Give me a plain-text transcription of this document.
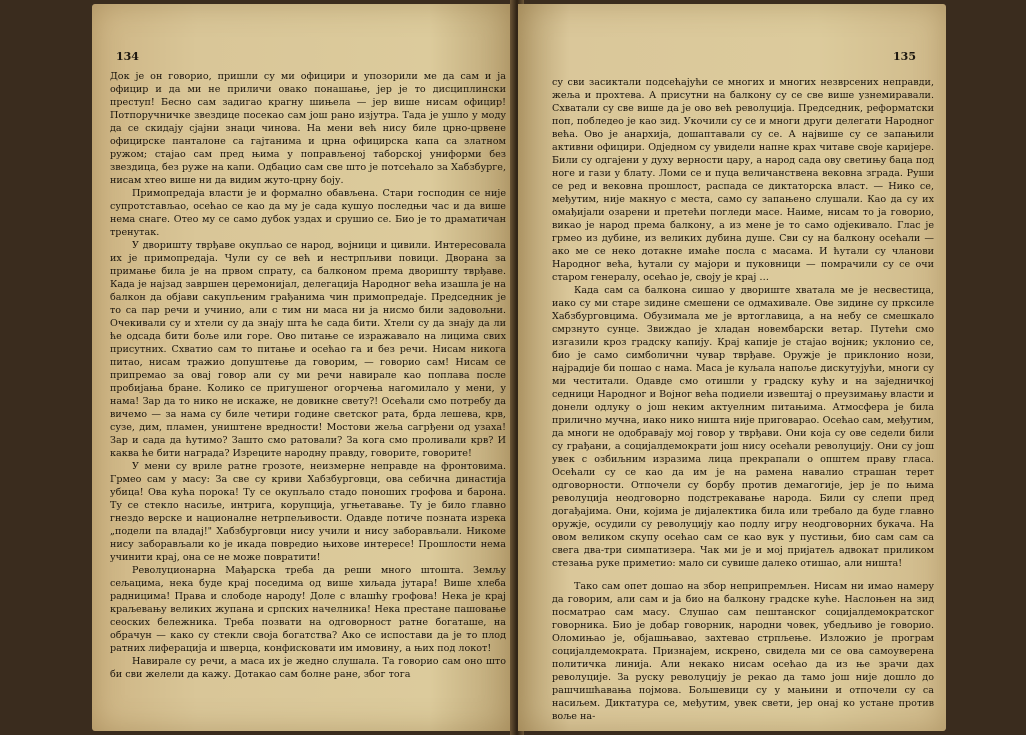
134

Док је он говорио, пришли су ми официри и упозорили ме да сам и ја официр и да ми не приличи овако понашање, јер је то дисциплински преступ! Бесно сам задигао крагну шињела — јер више нисам официр! Потпоручничке звездице посекао сам још рано изјутра. Тада је ушло у моду да се скидају сјајни знаци чинова. На мени већ нису биле црно-црвене официрске панталоне са гајтанима и црна официрска капа са златном ружом; стајао сам пред њима у поправљеној таборској униформи без звездица, без руже на капи. Одбацио сам све што је потсећало за Хабзбурге, нисам хтео више ни да видим жуто-црну боју.

Примопредаја власти је и формално обављена. Стари господин се није супротстављао, осећао се као да му је сада кушуо последњи час и да више нема снаге. Отео му се само дубок уздах и срушио се. Био је то драматичан тренутак.

У дворишту тврђаве окупљао се народ, војници и цивили. Интересовала их је примопредаја. Чули су се већ и нестрпљиви повици. Дворана за примање била је на првом спрату, са балконом према дворишту тврђаве. Када је најзад завршен церемонијал, делегација Народног већа изашла је на балкон да објави сакупљеним грађанима чин примопредаје. Председник је то са пар речи и учинио, али с тим ни маса ни ја нисмо били задовољни. Очекивали су и хтели су да знају шта ће сада бити. Хтели су да знају да ли ће одсада бити боље или горе. Ово питање се изражавало на лицима свих присутних. Схватио сам то питање и осећао га и без речи. Нисам никога питао, нисам тражио допуштење да говорим, — говорио сам! Нисам се припремао за овај говор али су ми речи навирале као поплава после пробијања бране. Колико се пригушеног огорчења нагомилало у мени, у нама! Зар да то нико не искаже, не довикне свету?! Осећали смо потребу да вичемо — за нама су биле четири године светског рата, брда лешева, крв, сузе, дим, пламен, уништене вредности! Мостови жеља сагрђени од узаха! Зар и сада да ћутимо? Зашто смо ратовали? За кога смо проливали крв? И каква ће бити награда? Изреците народну правду, говорите, говорите!

У мени су вриле ратне грозоте, неизмерне неправде на фронтовима. Грмео сам у масу: За све су криви Хабзбурговци, ова себична династија убица! Ова кућа порока! Ту се окупљало стадо поноших грофова и барона. Ту се стекло насиље, интрига, корупција, угњетавање. Ту је било главно гнездо верске и националне нетрпељивости. Одавде потиче позната изрека „подели па владај!" Хабзбурговци нису учили и нису заборављали. Никоме нису заборављали ко је икада повредио њихове интересе! Прошлости нема учинити крај, она се не може повратити!

Револуционарна Мађарска треба да реши много штошта. Земљу сељацима, нека буде крај поседима од више хиљада јутара! Више хлеба радницима! Права и слободе народу! Доле с влашћу грофова! Нека је крај краљевању великих жупана и српских начелника! Нека престане пашовање сеоских бележника. Треба позвати на одговорност ратне богаташе, на обрачун — како су стекли своја богатства? Ако се испостави да је то плод ратних лиферација и шверца, конфисковати им имовину, а њих под локот!

Навирале су речи, а маса их је жедно слушала. Та говорио сам оно што би сви желели да кажу. Дотакао сам болне ране, због тога

135

су сви засиктали подсећајући се многих и многих незврсених неправди, жеља и прохтева. А присутни на балкону су се све више узнемиравали. Схватали су све више да је ово већ револуција. Председник, реформатски поп, побледео је као зид. Укочили су се и многи други делегати Народног већа. Ово је анархија, дошаптавали су се. А највише су се запањили активни официри. Одједном су увидели напне крах читаве своје каријере. Били су одгајени у духу верности цару, а народ сада ову светињу баца под ноге и гази у блату. Ломи се и пуца величанствена вековна зграда. Руши се ред и вековна прошлост, распада се диктаторска власт. — Нико се, међутим, није макнуо с места, само су запањено слушали. Као да су их омађијали озарени и претећи погледи масе. Наиме, нисам то ја говорио, викао је народ према балкону, а из мене је то само одјекивало. Глас је грмео из дубине, из великих дубина душе. Сви су на балкону осећали — ако ме се неко дотакне имаће посла с масама. И ћутали су чланови Народног већа, ћутали су мајори и пуковници — помрачили су се очи старом генералу, осећао је, своју је крај …

Када сам са балкона сишао у двориште хватала ме је несвестица, иако су ми старе зидине смешени се одмахивале. Ове зидине су прксиле Хабзбурговцима. Обузимала ме је вртоглавица, а на небу се смешкало смрзнуто сунце. Звиждао је хладан новембарски ветар. Путећи смо изгазили кроз градску капију. Крај капије је стајао војник; уклонио се, био је само симболични чувар тврђаве. Оружје је приклонио нози, најрадије би пошао с нама. Маса је куљала напоље дискутујући, многи су ми честитали. Одавде смо отишли у градску кућу и на заједничкој седници Народног и Војног већа подиели извештај о преузимању власти и донели одлуку о још неким актуелним питањима. Атмосфера је била прилично мучна, иако нико ништа није приговарао. Осећао сам, међутим, да многи не одобравају мој говор у тврђави. Они која су ове седели били су грађани, а социјалдемократи још нису осећали револуцију. Они су још увек с озбиљним изразима лица прекрапали о општем праву гласа. Осећали су се као да им је на рамена навалио страшан терет одговорности. Отпочели су борбу против демагогије, јер је по њима револуција неодговорно подстрекавање народа. Били су слепи пред догађајима. Они, којима је дијалектика била или требало да буде главно оружје, осудили су револуцију као подлу игру неодговорних букача. На овом великом скупу осећао сам се као вук у пустињи, био сам сам са свега два-три симпатизера. Чак ми је и мој пријатељ адвокат приликом стезања руке приметио: мало си сувише далеко отишао, али ништа!

Тако сам опет дошао на збор неприпремљен. Нисам ни имао намеру да говорим, али сам и ја био на балкону градске куће. Наслоњен на зид посматрао сам масу. Слушао сам пештанског социјалдемократског говорника. Био је добар говорник, народни човек, убедљиво је говорио. Оломињао је, објашњавао, захтевао стрпљење. Изложио је програм социјалдемократа. Признајем, искрено, свидела ми се ова самоуверена политичка линија. Али некако нисам осећао да из ње зрачи дах револуције. За руску револуцију је рекао да тамо још није дошло до рашчишћавања појмова. Бољшевици су у мањини и отпочели су са насиљем. Диктатура се, међутим, увек свети, јер онај ко устане против воље на-
